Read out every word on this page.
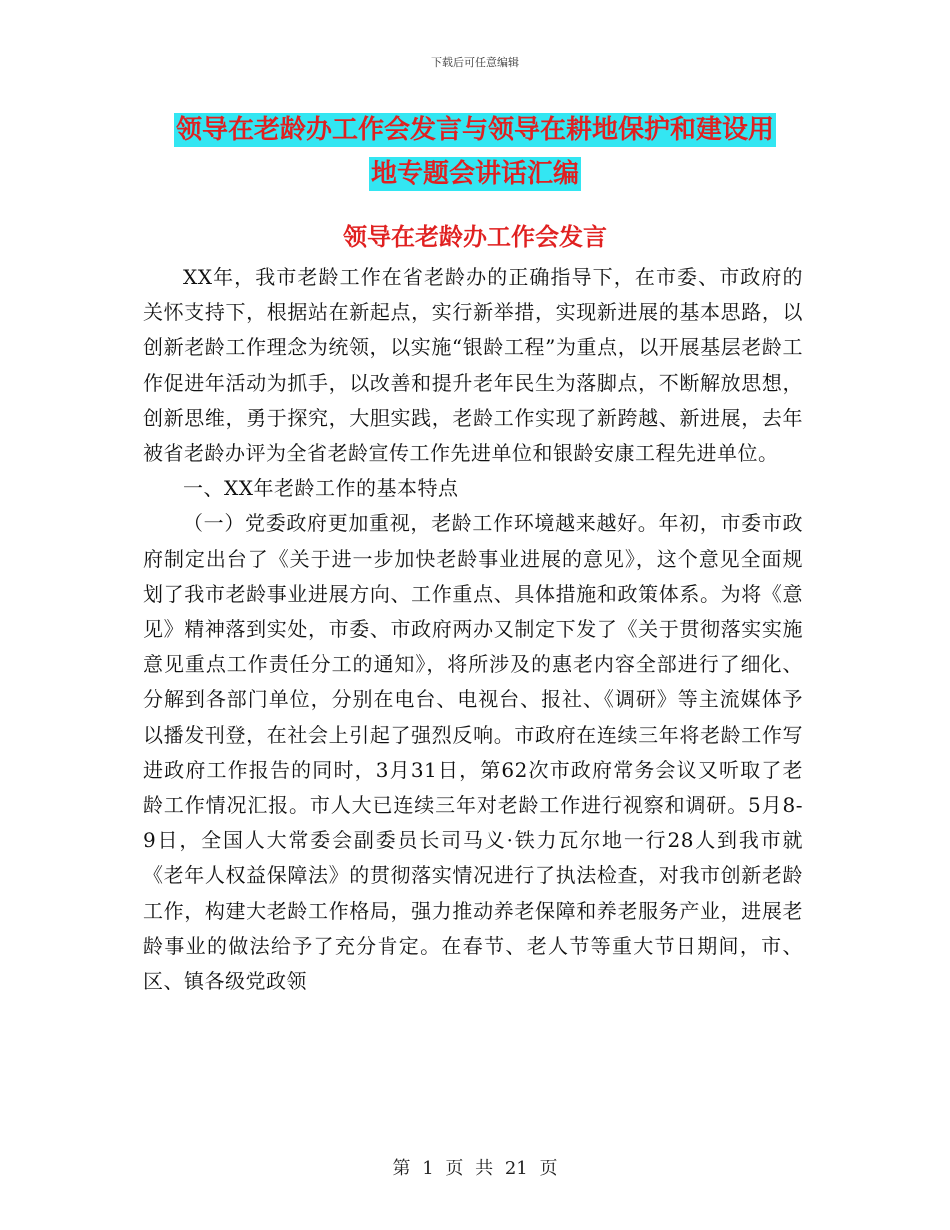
下载后可任意编辑
领导在老龄办工作会发言与领导在耕地保护和建设用
地专题会讲话汇编
领导在老龄办工作会发言

XX年，我市老龄工作在省老龄办的正确指导下，在市委、市政府的关怀支持下，根据站在新起点，实行新举措，实现新进展的基本思路，以创新老龄工作理念为统领，以实施“银龄工程”为重点，以开展基层老龄工作促进年活动为抓手，以改善和提升老年民生为落脚点，不断解放思想，创新思维，勇于探究，大胆实践，老龄工作实现了新跨越、新进展，去年被省老龄办评为全省老龄宣传工作先进单位和银龄安康工程先进单位。

一、XX年老龄工作的基本特点

（一）党委政府更加重视，老龄工作环境越来越好。年初，市委市政府制定出台了《关于进一步加快老龄事业进展的意见》，这个意见全面规划了我市老龄事业进展方向、工作重点、具体措施和政策体系。为将《意见》精神落到实处，市委、市政府两办又制定下发了《关于贯彻落实实施意见重点工作责任分工的通知》，将所涉及的惠老内容全部进行了细化、分解到各部门单位，分别在电台、电视台、报社、《调研》等主流媒体予以播发刊登，在社会上引起了强烈反响。市政府在连续三年将老龄工作写进政府工作报告的同时，3月31日，第62次市政府常务会议又听取了老龄工作情况汇报。市人大已连续三年对老龄工作进行视察和调研。5月8-9日，全国人大常委会副委员长司马义·铁力瓦尔地一行28人到我市就《老年人权益保障法》的贯彻落实情况进行了执法检查，对我市创新老龄工作，构建大老龄工作格局，强力推动养老保障和养老服务产业，进展老龄事业的做法给予了充分肯定。在春节、老人节等重大节日期间，市、区、镇各级党政领

第 1 页 共 21 页
